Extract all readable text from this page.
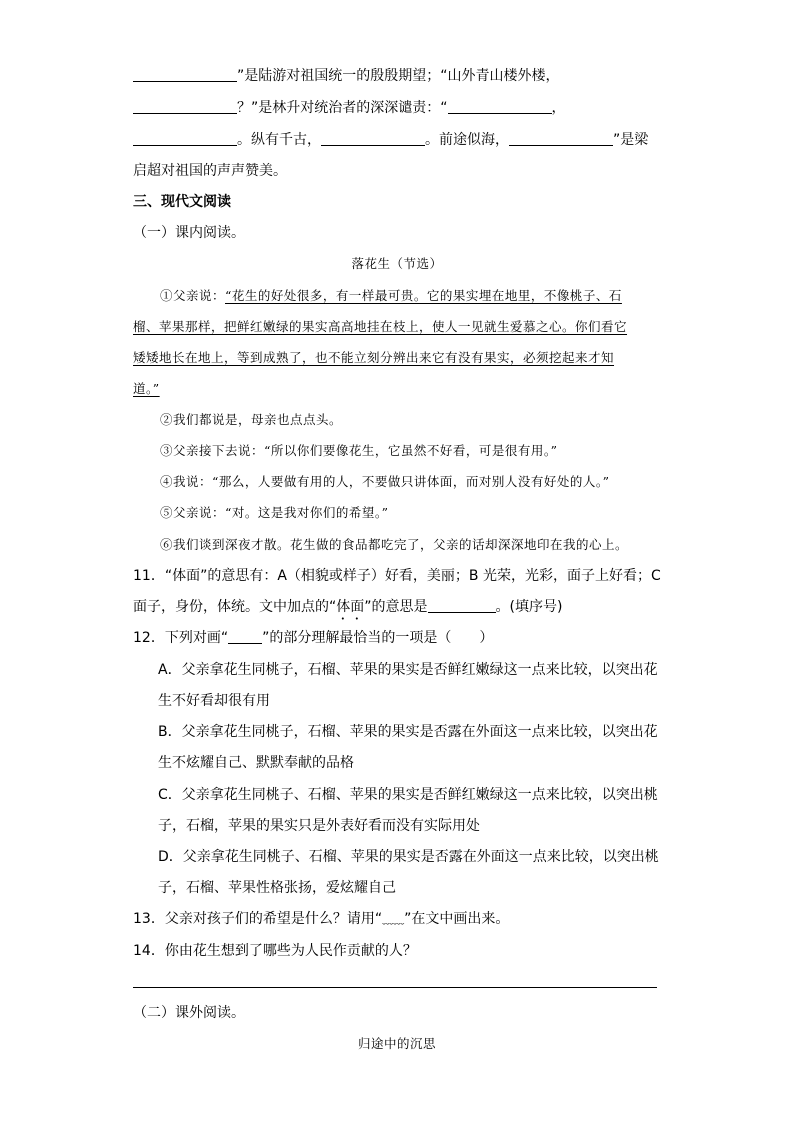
”是陆游对祖国统一的殷殷期望；“山外青山楼外楼，
？”是林升对统治者的深深谴责：“	，
。纵有千古，	。前途似海，	”是梁
启超对祖国的声声赞美。
三、现代文阅读
（一）课内阅读。
落花生（节选）
①父亲说：“花生的好处很多，有一样最可贵。它的果实埋在地里，不像桃子、石
榴、苹果那样，把鲜红嫩绿的果实高高地挂在枝上，使人一见就生爱慕之心。你们看它
矮矮地长在地上，等到成熟了，也不能立刻分辨出来它有没有果实，必须挖起来才知
道。”
②我们都说是，母亲也点点头。
③父亲接下去说：“所以你们要像花生，它虽然不好看，可是很有用。”
④我说：“那么，人要做有用的人，不要做只讲体面，而对别人没有好处的人。”
⑤父亲说：“对。这是我对你们的希望。”
⑥我们谈到深夜才散。花生做的食品都吃完了，父亲的话却深深地印在我的心上。
11．“体面”的意思有：A（相貌或样子）好看，美丽；B 光荣，光彩，面子上好看；C
面子，身份，体统。文中加点的“体面”的意思是	。(填序号)
12．下列对画“ ”的部分理解最恰当的一项是（　　）
A．父亲拿花生同桃子，石榴、苹果的果实是否鲜红嫩绿这一点来比较，以突出花
生不好看却很有用
B．父亲拿花生同桃子，石榴、苹果的果实是否露在外面这一点来比较，以突出花
生不炫耀自己、默默奉献的品格
C．父亲拿花生同桃子、石榴、苹果的果实是否鲜红嫩绿这一点来比较，以突出桃
子，石榴，苹果的果实只是外表好看而没有实际用处
D．父亲拿花生同桃子、石榴、苹果的果实是否露在外面这一点来比较，以突出桃
子，石榴、苹果性格张扬，爱炫耀自己
13．父亲对孩子们的希望是什么？请用“﹏﹏”在文中画出来。
14．你由花生想到了哪些为人民作贡献的人？
（二）课外阅读。
归途中的沉思
